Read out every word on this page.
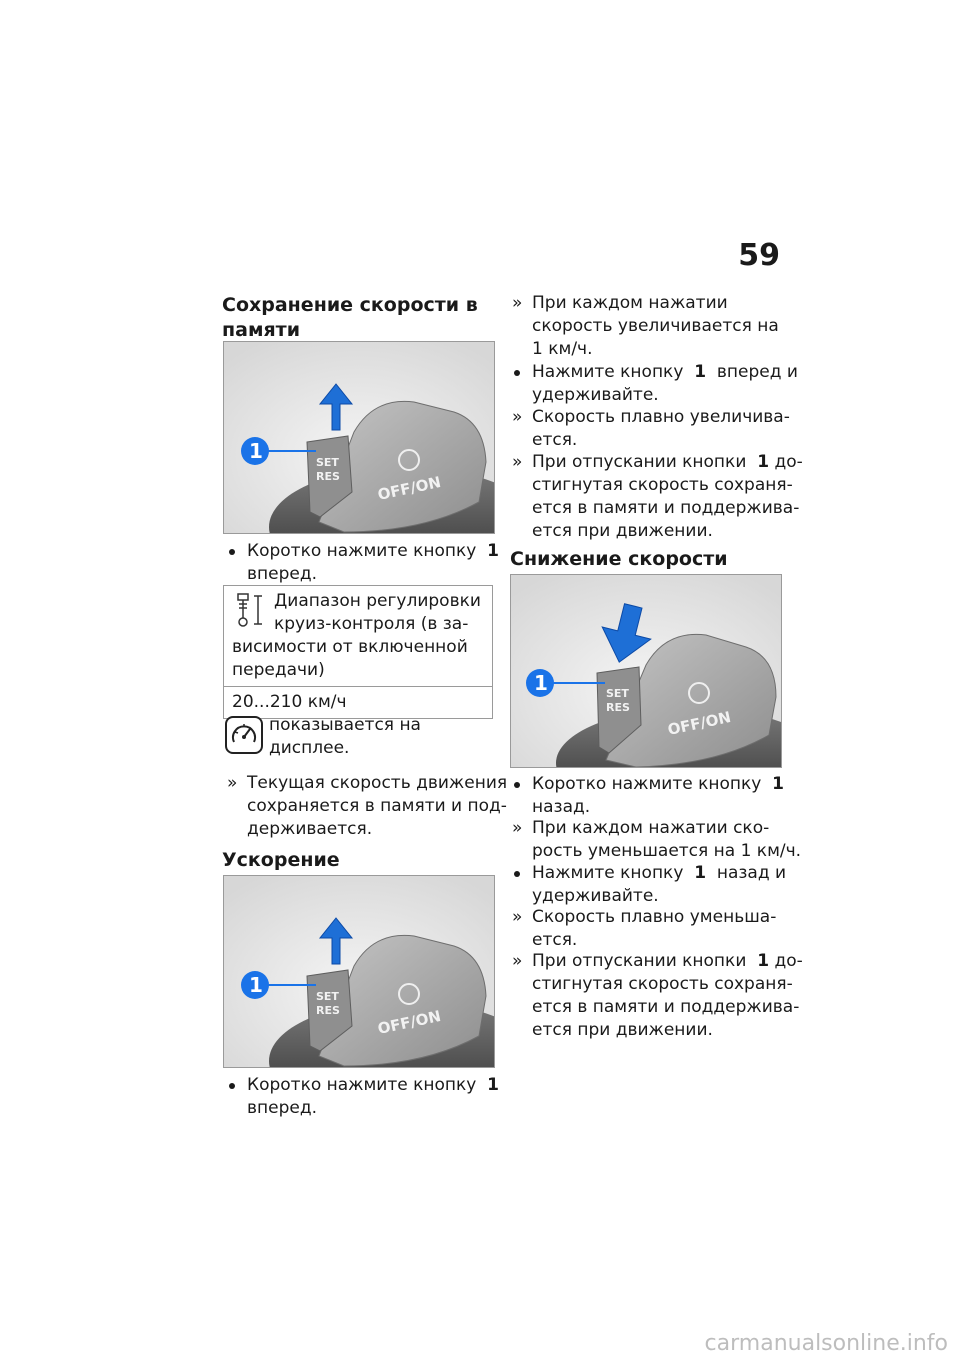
59
Сохранение скорости в памяти
SET
RES OFF/ON
1
Коротко нажмите кнопку 1
вперед.
Диапазон регулировки
круиз-контроля (в за-
висимости от включенной
передачи)

20...210 км/ч
показывается на дисплее.
» Текущая скорость движения
сохраняется в памяти и под-
держивается.
Ускорение
SET
RES OFF/ON
1
Коротко нажмите кнопку 1
вперед.
» При каждом нажатии
скорость увеличивается на
1 км/ч.
Нажмите кнопку 1 вперед и
удерживайте.
» Скорость плавно увеличива-
ется.
» При отпускании кнопки 1 до-
стигнутая скорость сохраня-
ется в памяти и поддержива-
ется при движении.
Снижение скорости
SET
RES
OFF/ON
1
Коротко нажмите кнопку 1
назад.
» При каждом нажатии ско-
рость уменьшается на 1 км/ч.
Нажмите кнопку 1 назад и
удерживайте.
» Скорость плавно уменьша-
ется.
» При отпускании кнопки 1 до-
стигнутая скорость сохраня-
ется в памяти и поддержива-
ется при движении.
carmanualsonline.info
